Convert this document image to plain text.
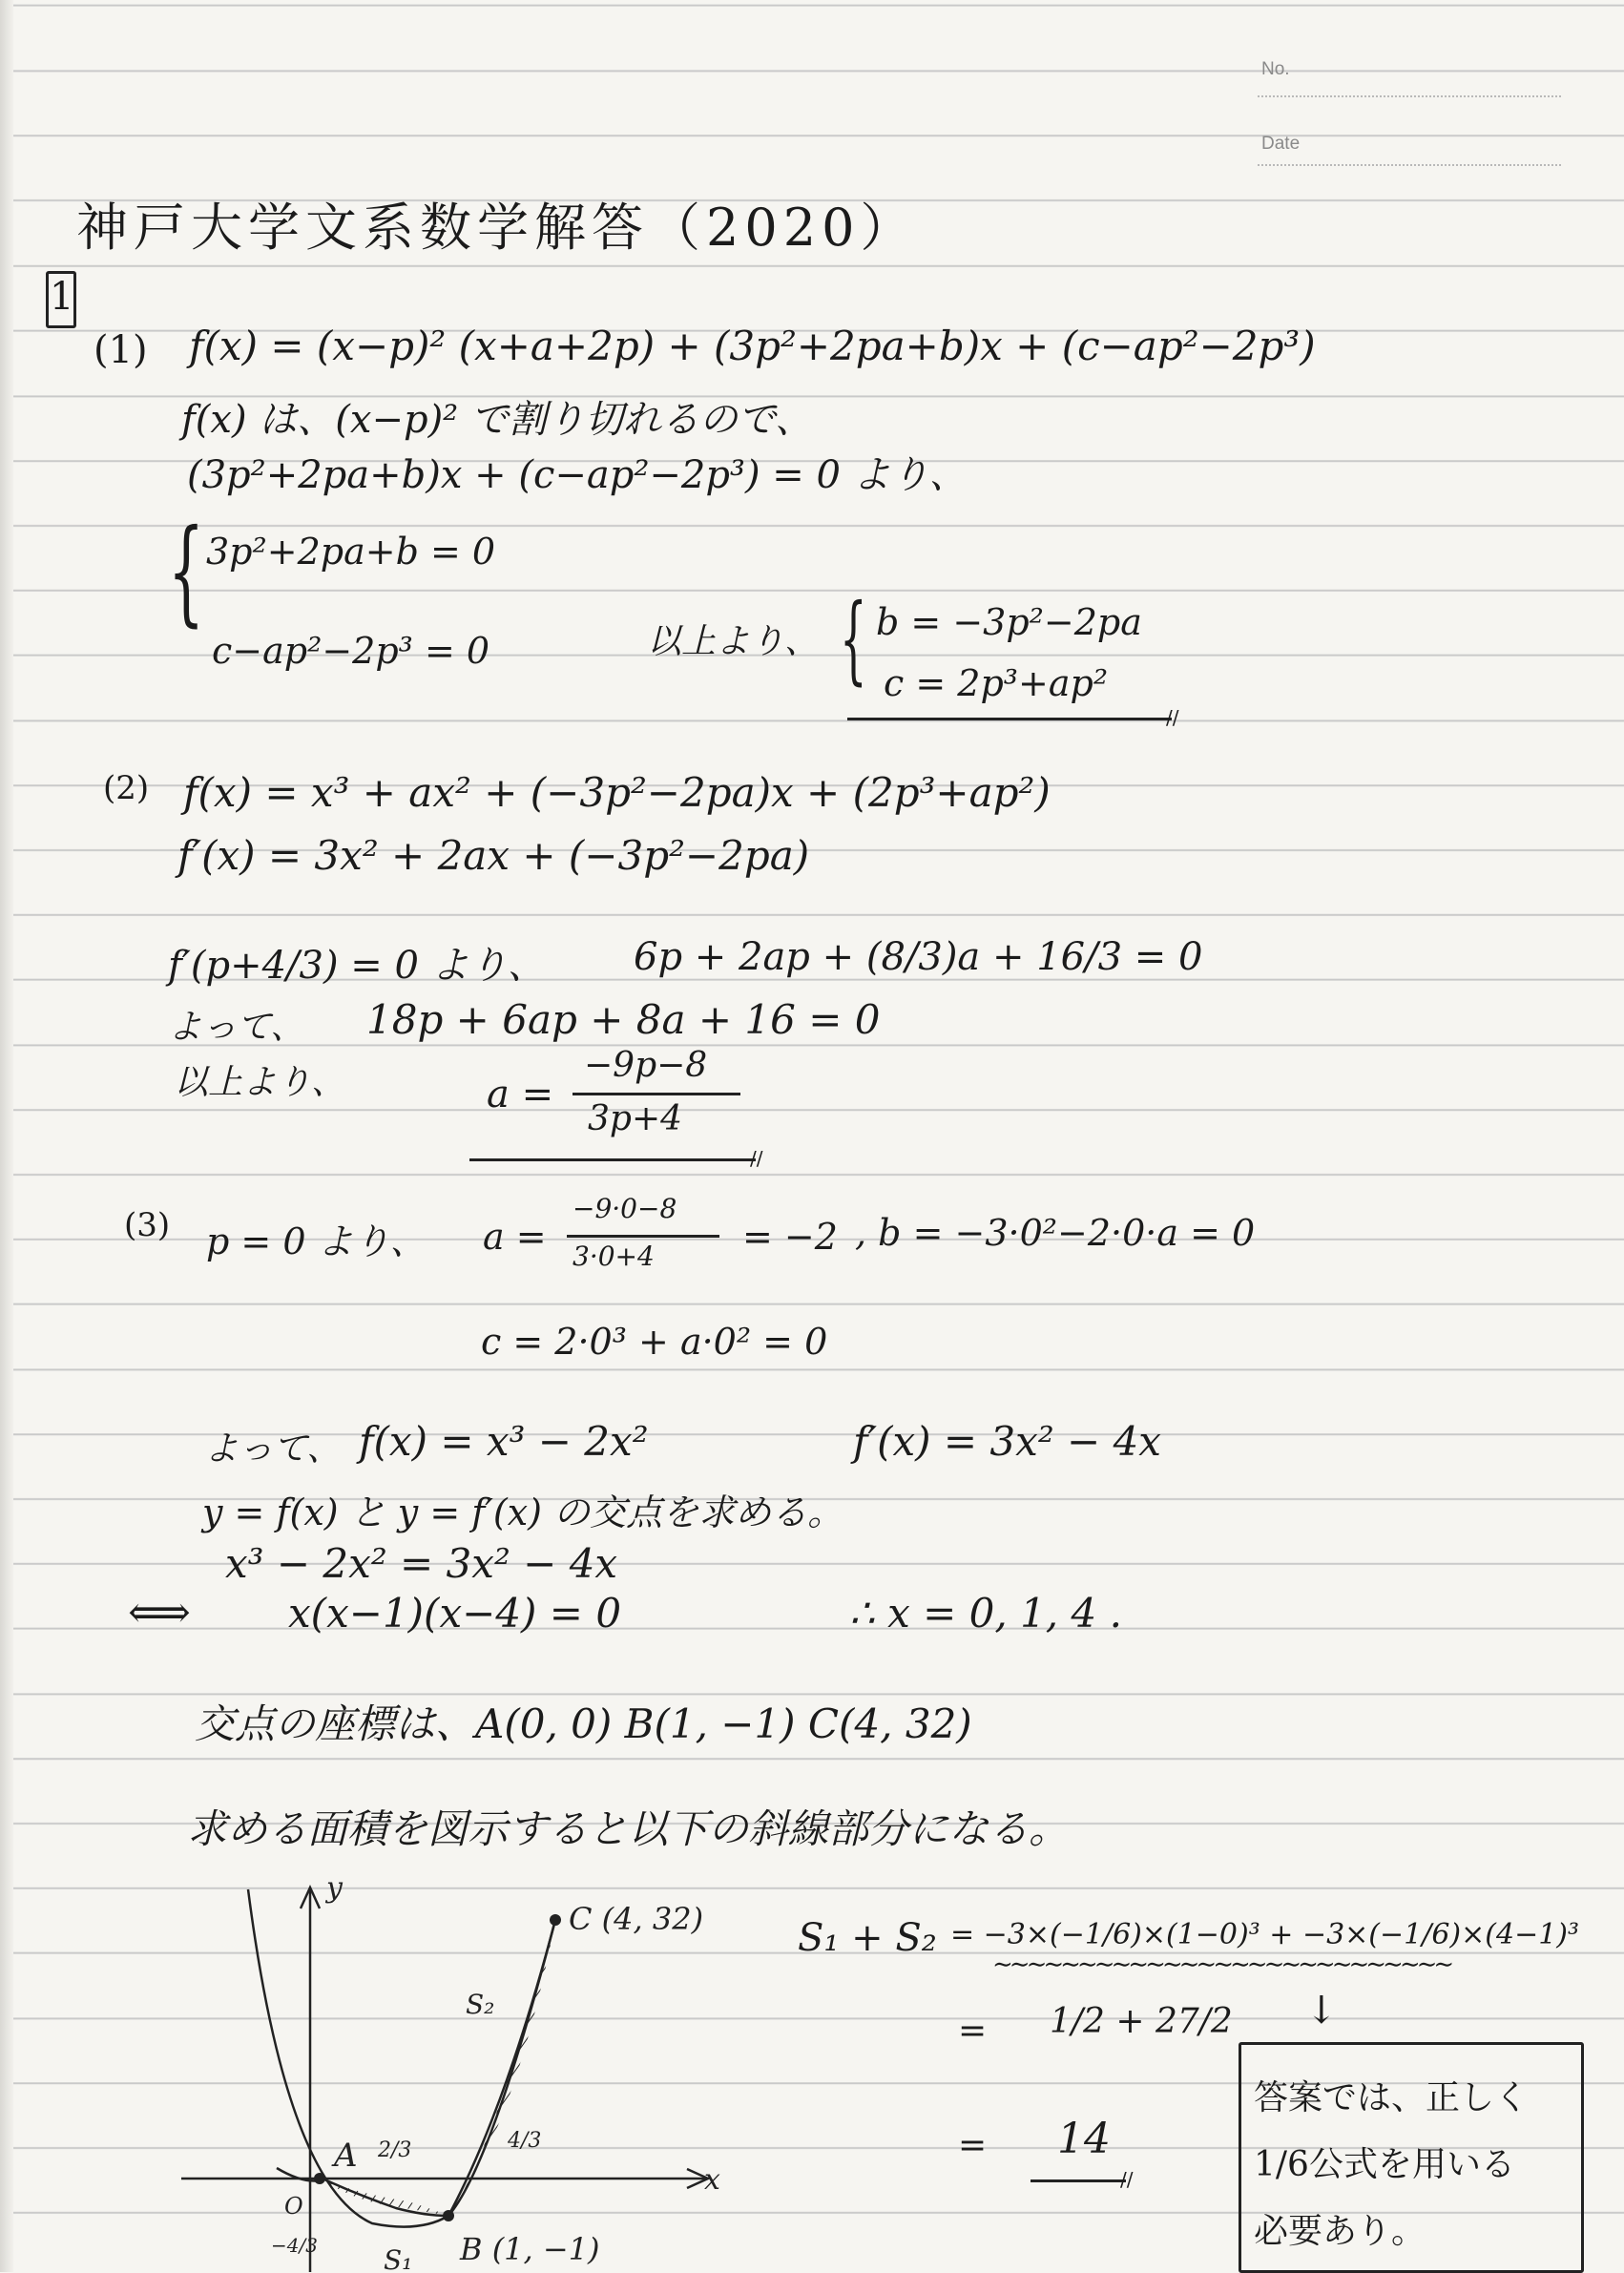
No.
Date
神戸大学文系数学解答（2020）
1
(1) f(x) = (x−p)² (x+a+2p) + (3p²+2pa+b)x + (c−ap²−2p³)
f(x) は、(x−p)² で割り切れるので、
(3p²+2pa+b)x + (c−ap²−2p³) = 0 より、
{ 3p²+2pa+b = 0
c−ap²−2p³ = 0	以上より、 { b = −3p²−2pa
c = 2p³+ap²
//
(2) f(x) = x³ + ax² + (−3p²−2pa)x + (2p³+ap²)
f′(x) = 3x² + 2ax + (−3p²−2pa)
f′(p+4/3) = 0 より、 6p + 2ap + (8/3)a + 16/3 = 0
よって、 18p + 6ap + 8a + 16 = 0
以上より、	a =
−9p−8
3p+4
//
(3) p = 0 より、 a =
−9·0−8
3·0+4 = −2 , b = −3·0²−2·0·a = 0
c = 2·0³ + a·0² = 0
よって、 f(x) = x³ − 2x²	f′(x) = 3x² − 4x
y = f(x) と y = f′(x) の交点を求める。
x³ − 2x² = 3x² − 4x
⟺ x(x−1)(x−4) = 0	∴ x = 0, 1, 4 .
交点の座標は、A(0, 0) B(1, −1) C(4, 32)
求める面積を図示すると以下の斜線部分になる。
y
x
O
A
B (1, −1)
C (4, 32)
S₁
S₂
2/3	4/3
−4/3
S₁ + S₂ = −3×(−1/6)×(1−0)³ + −3×(−1/6)×(4−1)³
∼∼∼∼∼∼∼∼∼∼∼∼∼∼∼∼∼∼∼∼∼∼∼∼∼∼∼
= 1/2 + 27/2 ↓
= 14
//
答案では、正しく
1/6公式を用いる
必要あり。
